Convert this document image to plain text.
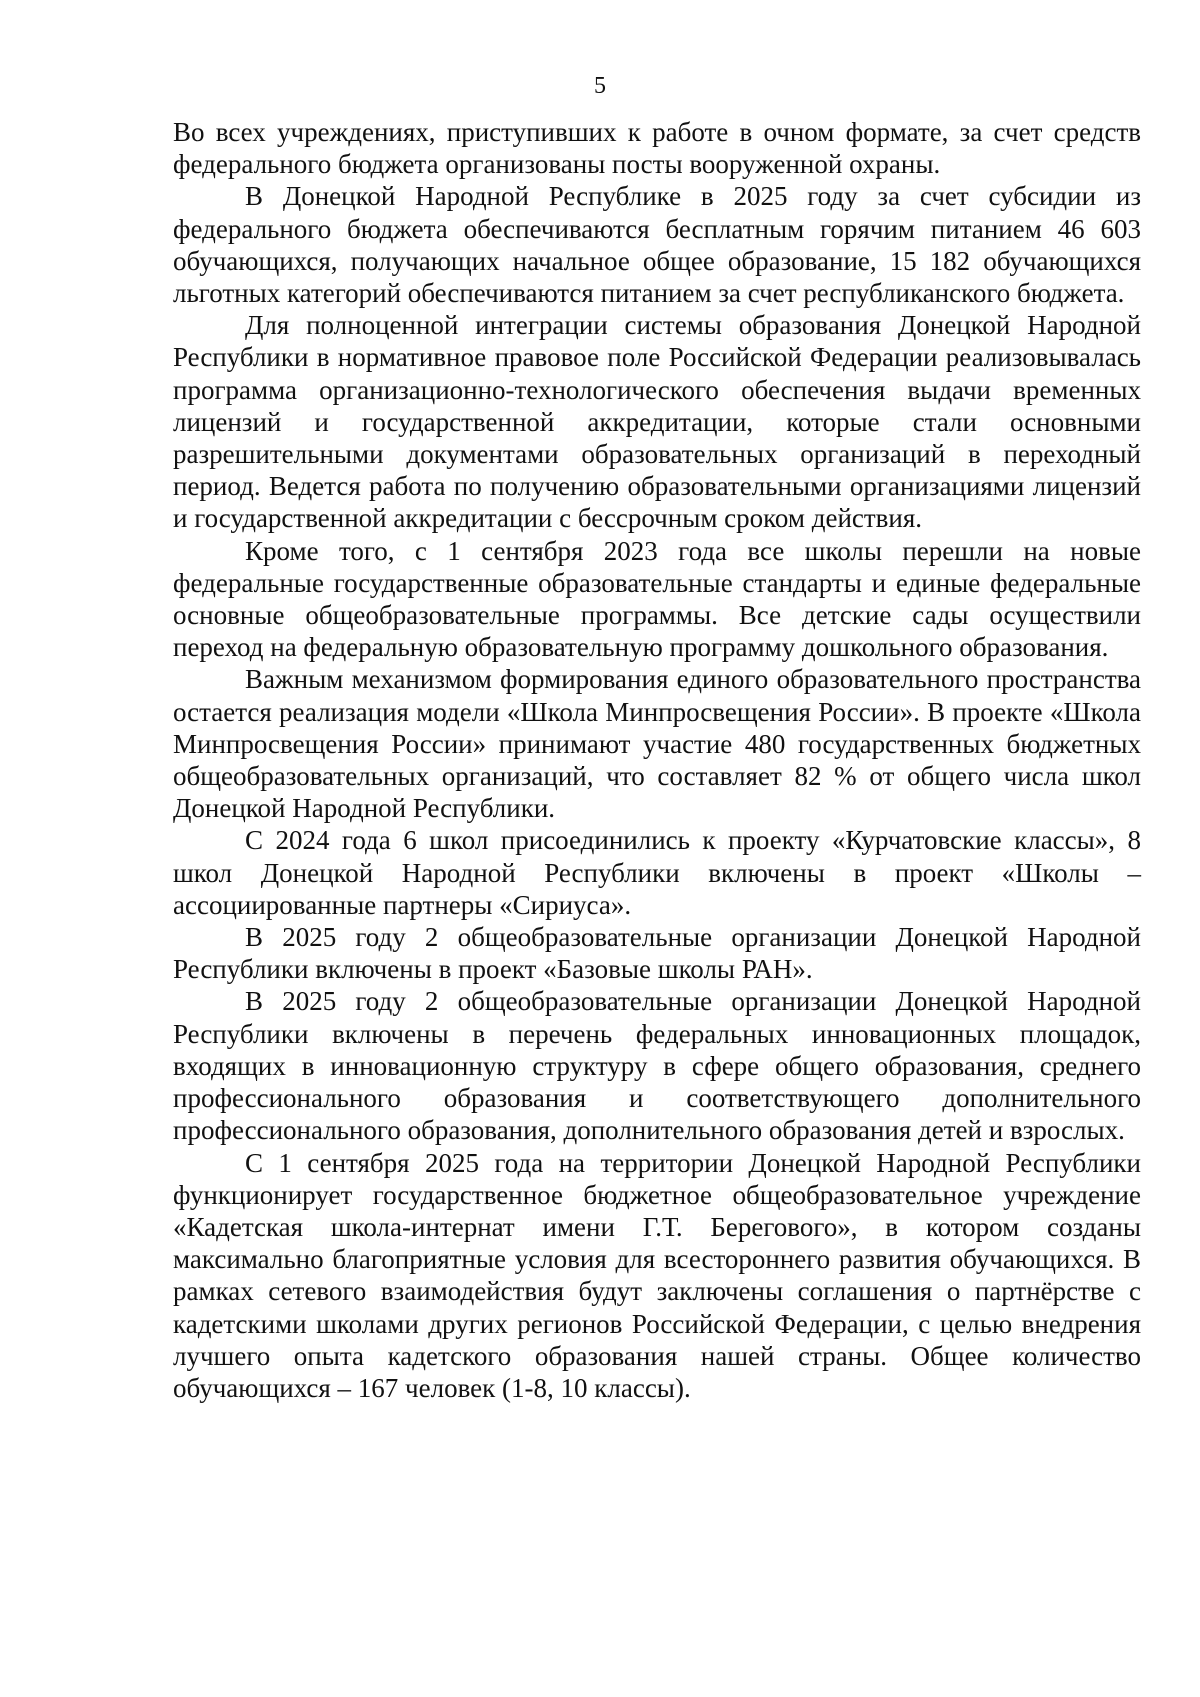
5

Во всех учреждениях, приступивших к работе в очном формате, за счет средств федерального бюджета организованы посты вооруженной охраны.

В Донецкой Народной Республике в 2025 году за счет субсидии из федерального бюджета обеспечиваются бесплатным горячим питанием 46 603 обучающихся, получающих начальное общее образование, 15 182 обучающихся льготных категорий обеспечиваются питанием за счет республиканского бюджета.

Для полноценной интеграции системы образования Донецкой Народной Республики в нормативное правовое поле Российской Федерации реализовывалась программа организационно-технологического обеспечения выдачи временных лицензий и государственной аккредитации, которые стали основными разрешительными документами образовательных организаций в переходный период. Ведется работа по получению образовательными организациями лицензий и государственной аккредитации с бессрочным сроком действия.

Кроме того, с 1 сентября 2023 года все школы перешли на новые федеральные государственные образовательные стандарты и единые федеральные основные общеобразовательные программы. Все детские сады осуществили переход на федеральную образовательную программу дошкольного образования.

Важным механизмом формирования единого образовательного пространства остается реализация модели «Школа Минпросвещения России». В проекте «Школа Минпросвещения России» принимают участие 480 государственных бюджетных общеобразовательных организаций, что составляет 82 % от общего числа школ Донецкой Народной Республики.

С 2024 года 6 школ присоединились к проекту «Курчатовские классы», 8 школ Донецкой Народной Республики включены в проект «Школы – ассоциированные партнеры «Сириуса».

В 2025 году 2 общеобразовательные организации Донецкой Народной Республики включены в проект «Базовые школы РАН».

В 2025 году 2 общеобразовательные организации Донецкой Народной Республики включены в перечень федеральных инновационных площадок, входящих в инновационную структуру в сфере общего образования, среднего профессионального образования и соответствующего дополнительного профессионального образования, дополнительного образования детей и взрослых.

С 1 сентября 2025 года на территории Донецкой Народной Республики функционирует государственное бюджетное общеобразовательное учреждение «Кадетская школа-интернат имени Г.Т. Берегового», в котором созданы максимально благоприятные условия для всестороннего развития обучающихся. В рамках сетевого взаимодействия будут заключены соглашения о партнёрстве с кадетскими школами других регионов Российской Федерации, с целью внедрения лучшего опыта кадетского образования нашей страны. Общее количество обучающихся – 167 человек (1-8, 10 классы).
